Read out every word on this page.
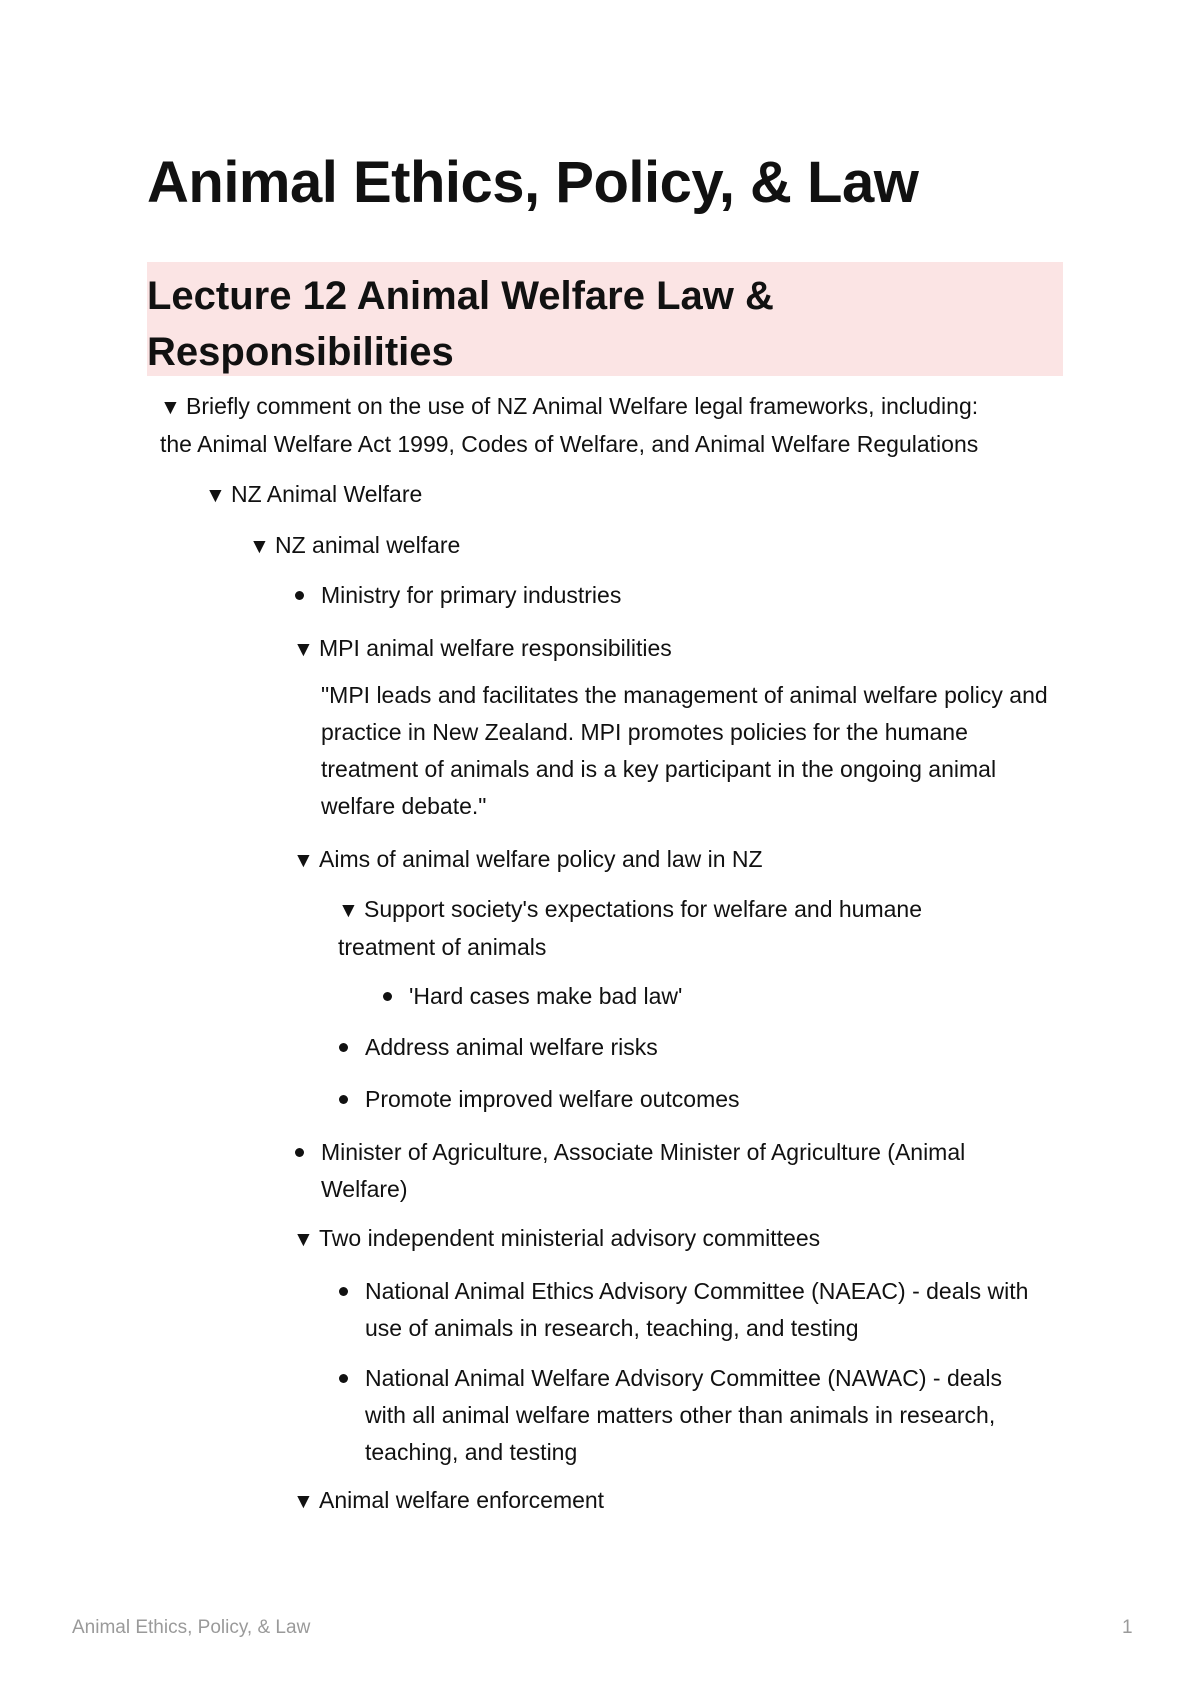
Animal Ethics, Policy, & Law
Lecture 12 Animal Welfare Law & Responsibilities
▼ Briefly comment on the use of NZ Animal Welfare legal frameworks, including:
the Animal Welfare Act 1999, Codes of Welfare, and Animal Welfare Regulations
▼ NZ Animal Welfare
▼ NZ animal welfare
Ministry for primary industries
▼ MPI animal welfare responsibilities
"MPI leads and facilitates the management of animal welfare policy and
practice in New Zealand. MPI promotes policies for the humane
treatment of animals and is a key participant in the ongoing animal
welfare debate."
▼ Aims of animal welfare policy and law in NZ
▼ Support society's expectations for welfare and humane
treatment of animals
'Hard cases make bad law'
Address animal welfare risks
Promote improved welfare outcomes
Minister of Agriculture, Associate Minister of Agriculture (Animal
Welfare)
▼ Two independent ministerial advisory committees
National Animal Ethics Advisory Committee (NAEAC) - deals with
use of animals in research, teaching, and testing
National Animal Welfare Advisory Committee (NAWAC) - deals
with all animal welfare matters other than animals in research,
teaching, and testing
▼ Animal welfare enforcement
Animal Ethics, Policy, & Law	1
